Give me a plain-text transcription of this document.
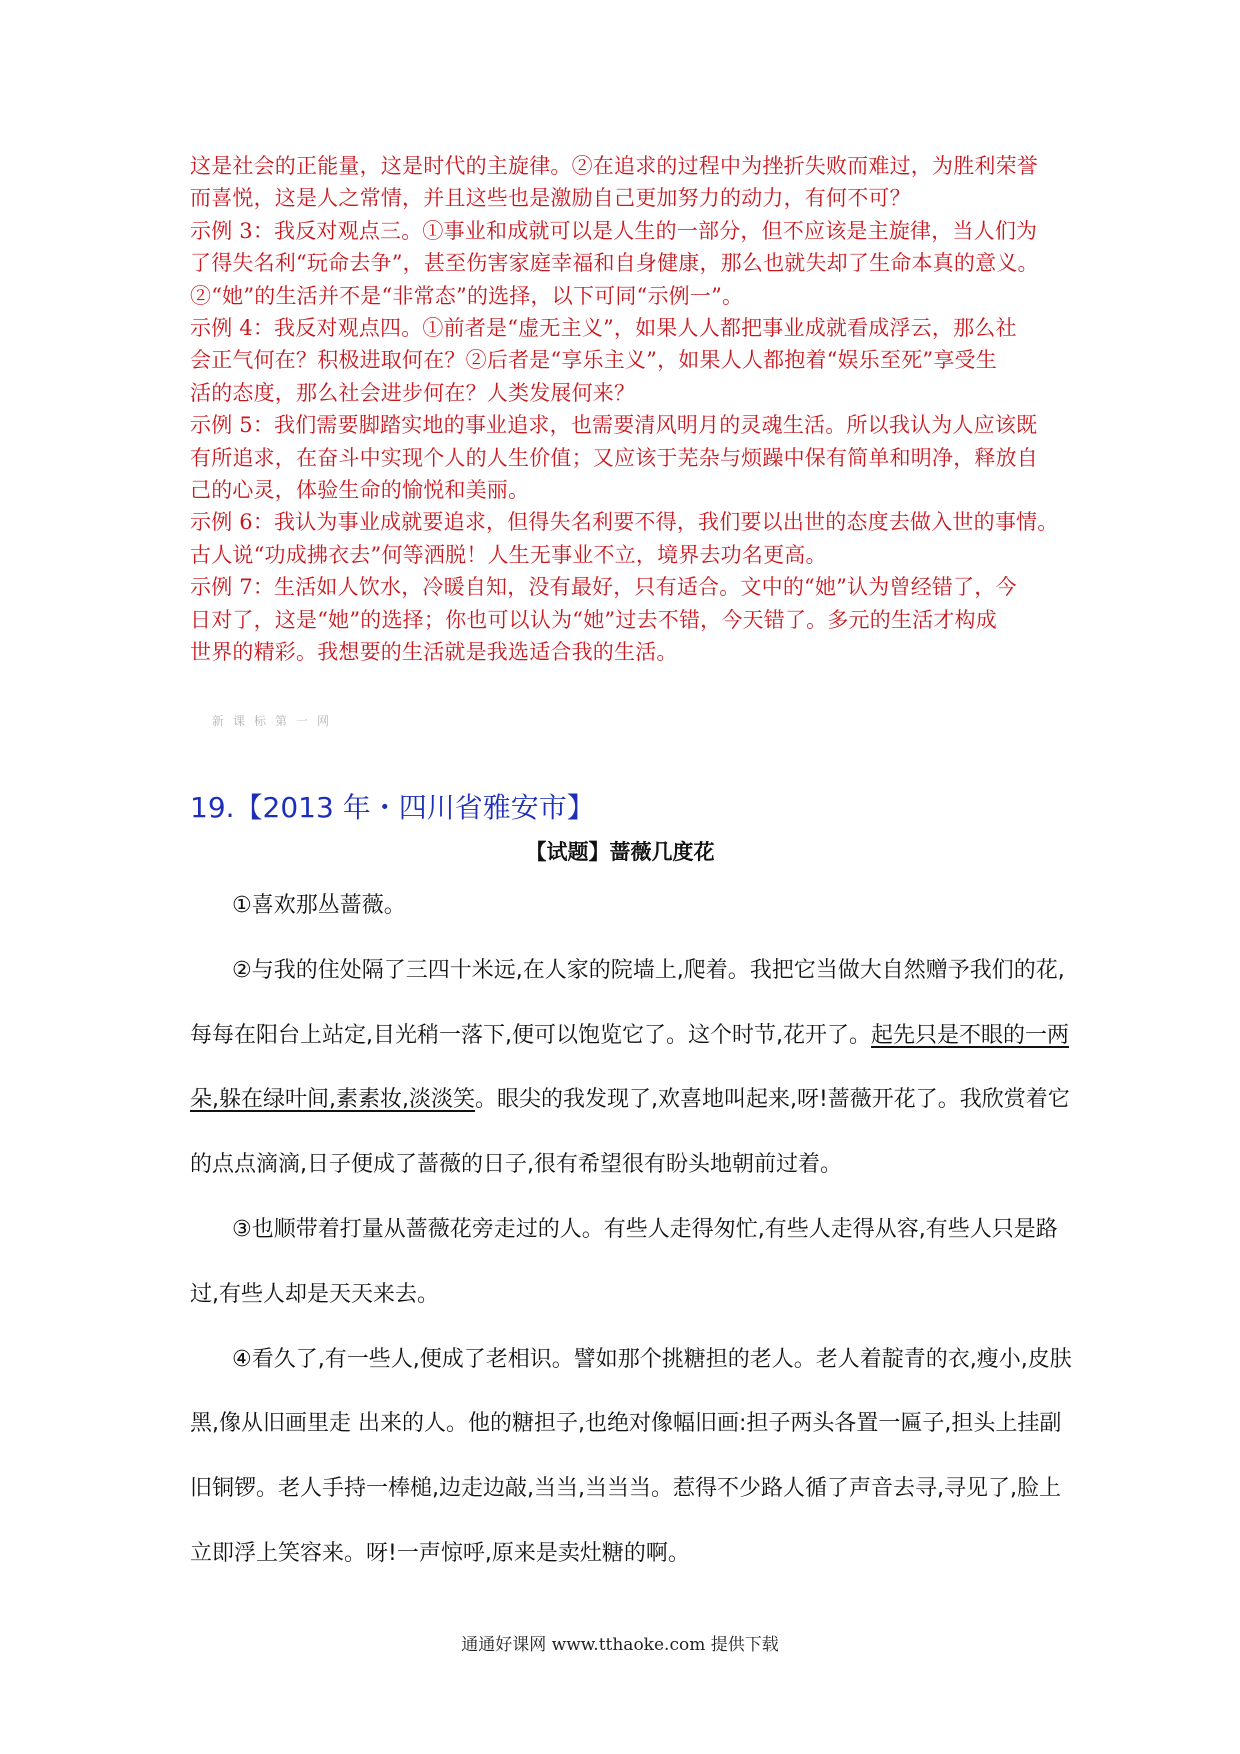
这是社会的正能量，这是时代的主旋律。②在追求的过程中为挫折失败而难过，为胜利荣誉
而喜悦，这是人之常情，并且这些也是激励自己更加努力的动力，有何不可？
示例 3：我反对观点三。①事业和成就可以是人生的一部分，但不应该是主旋律，当人们为
了得失名利“玩命去争”，甚至伤害家庭幸福和自身健康，那么也就失却了生命本真的意义。
②“她”的生活并不是“非常态”的选择，以下可同“示例一”。
示例 4：我反对观点四。①前者是“虚无主义”，如果人人都把事业成就看成浮云，那么社
会正气何在？积极进取何在？②后者是“享乐主义”，如果人人都抱着“娱乐至死”享受生
活的态度，那么社会进步何在？人类发展何来？
示例 5：我们需要脚踏实地的事业追求，也需要清风明月的灵魂生活。所以我认为人应该既
有所追求，在奋斗中实现个人的人生价值；又应该于芜杂与烦躁中保有简单和明净，释放自
己的心灵，体验生命的愉悦和美丽。
示例 6：我认为事业成就要追求，但得失名利要不得，我们要以出世的态度去做入世的事情。
古人说“功成拂衣去”何等洒脱！人生无事业不立，境界去功名更高。
示例 7：生活如人饮水，冷暖自知，没有最好，只有适合。文中的“她”认为曾经错了，今
日对了，这是“她”的选择；你也可以认为“她”过去不错，今天错了。多元的生活才构成
世界的精彩。我想要的生活就是我选适合我的生活。
新课标第一网
19.【2013 年・四川省雅安市】
【试题】蔷薇几度花
①喜欢那丛蔷薇。
②与我的住处隔了三四十米远,在人家的院墙上,爬着。我把它当做大自然赠予我们的花,
每每在阳台上站定,目光稍一落下,便可以饱览它了。这个时节,花开了。起先只是不眼的一两
朵,躲在绿叶间,素素妆,淡淡笑。眼尖的我发现了,欢喜地叫起来,呀!蔷薇开花了。我欣赏着它
的点点滴滴,日子便成了蔷薇的日子,很有希望很有盼头地朝前过着。
③也顺带着打量从蔷薇花旁走过的人。有些人走得匆忙,有些人走得从容,有些人只是路
过,有些人却是天天来去。
④看久了,有一些人,便成了老相识。譬如那个挑糖担的老人。老人着靛青的衣,瘦小,皮肤
黑,像从旧画里走 出来的人。他的糖担子,也绝对像幅旧画:担子两头各置一匾子,担头上挂副
旧铜锣。老人手持一棒槌,边走边敲,当当,当当当。惹得不少路人循了声音去寻,寻见了,脸上
立即浮上笑容来。呀!一声惊呼,原来是卖灶糖的啊。
通通好课网 www.tthaoke.com 提供下载
